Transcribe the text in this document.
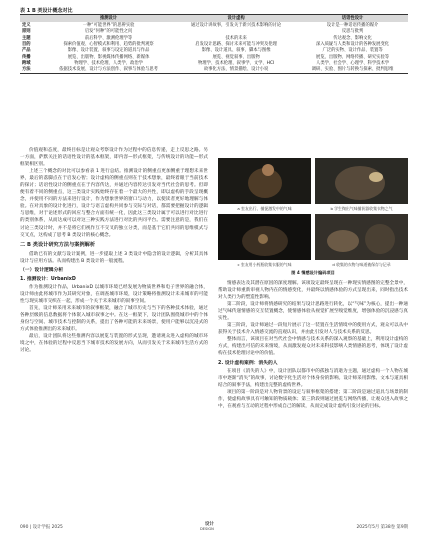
表 1 B 类设计概念对比
	推测设计	设计虚构	话语性设计
定义	一种“可能世界”的思辨实验	通过设计讲故事，引发关于新兴技术影响的讨论	设计是一种话语传播的媒介
原则	启发“何种”的可能性之问		反思与批判
主题	前后科学、激测伦理学等	技术的未来	传达观念、影响文化
目的	探索价值观、心智模式和利用、趋势的批判观察	启发设计思路、探讨未来可能与冲突及伦理	深入质疑与人类和设计的各种发展变化
产品	影像、设计装置、叙事与设定的道具与作品	影像、设计道具、叙事、脚本与图像	广泛的实物、设计作品、装置等
传播	展览、出版物、影视媒体传播网络、新媒体	展览、视觉叙事、出版物	展览、出版物、网络传播、研究实验等
跨域	物理学、技术伦理、人类学、政治学	物理学、技术伦理、叙事学、文学、HCI	人类学、社会学、心理学、科学技术学
方法	依据技术发展、设计与方法创作、叙事与体验与思考	故事化方法、情景描绘、设计小说	调研、实验、图片与转换与探索、批判思维

价值观和态度，最终目标是让观众考察设计作为过程中的信息传递，走上反思之路。另一方面，萨默关注的话语性设计的基本框架，即内容—形式框架，与传统设计的功能—形式框架相区别。

上述三个概念的对比可以参看表 1 进行总结。推测设计的侧重点更加侧重于理想未来世界，最后的落脚点在于启发心智；设计虚构的侧重点则在于技术想象，最终着眼于当前技术的探讨；话语性设计的侧重点在于内容传达，并通过内容传达引发对当代社会的思考。但即便有着不同的侧重点，这三类设计实践始终存在着一个最大的共性，即以虚构的手段呈现概念，并使用不同的方法来进行设计，作为想象世界的窗口与动力，以使读者更好地理解与体验。在对具象的设计化进行，设计与语言虚构共同参与交际与对话，都需要把握设计的逻辑与思维，对于论述形式的回应与整合方面有统一化，因此这三类设计属于可以进行对比进行的类别体系，从而达成可以对这三种实践方法进行对比的共同平台。需要注意的是，我们在讨论三类设计时，并不是将它们视作互不交叉的独立分类，而是基于它们共同的思维模式与交叉点，这构成了思考 B 类设计的核心概念。

二 B 类设计研究方法与案例解析

借助已有的文献与设计案例，进一步提取上述 3 类设计中隐含的设计逻辑，分析其具体设计与应用方法。从而构建出 B 类设计的一般流程。

（一）设计逻辑分析
1. 推测设计：UrbanixD

作为推测设计作品，UrbanixD 以城市环境已经发展为物质世界和电子世界的融合体，设计师由此将城市作为其研究对象，在调查城市环境，设计策略将推测设计未来城市的可能性与现实城市交织在一起，形成一个关于未来城市的叙事空间。

首先，设计师采用未来城市的叙事框架，融合了城市历史与当下的各种技术体验，通过各种层级的信息数据将个体嵌入城市叙事之中。在这一框架下，设计团队围绕城市中的个体身份与空间、城市技术与控制的关系，提出了各种可能的未来场景，使用户能够以沉浸式的方式体验推测出的未来城市。

最后，设计团队将这些推测内容以展览与装置的形式呈现，邀请观众进入虚构的城市环境之中，在体验的过程中反思当下城市技术的发展方向，从而引发关于未来城市生活方式的讨论。

a 室友出行、捕捉激发中的气味	b 学生掏出气味捕获器收集衣物之气
c 室友用小药瓶收集衣服的气味	d 收集的衣物与味道被保存与记录
图 4 情感设计编码项目

情感表达及其潜在原因的深度理解。该项设定最终呈现在一种现实情感图的完整全景中，帮助设计师重新审视人物内在的情感变化，并最终以情感体验的方式呈现出来，同时指出技术对人类行为的塑造性影响。

第二阶段，设计师将情感研究的结果与设计思路进行转化，以“气味”为核心，提出一种通过气味传递情感的交互装置概念，使情感体验从视觉扩展至嗅觉维度，增强体验的沉浸感与真实性。

第三阶段，设计师通过一段短片展示了这一装置在生活情境中的使用方式，观众可以从中获得关于技术介入情感交流的直观认识，并由此引发对人与技术关系的反思。

整体而言，该项目在对当代社会中情感与技术关系的深入观察的基础上，利用设计虚构的方式，构建出可信的未来情境，从而激发观众对未来科技影响人类情感的思考，体现了设计虚构在技术伦理讨论中的价值。

2. 设计虚构案例：消失的人

在项目《消失的人》中，设计团队以都市中的孤独与消逝为主题，通过虚构一个人物在城市中逐渐“消失”的故事，讨论数字化生活对个体身份的影响。设计师采用影像、文本与道具相结合的叙事手法，构建出完整的虚构世界。

项目的第一阶段是对人物背景的设定与叙事框架的搭建；第二阶段是通过道具与场景的制作，使虚构故事具有可触知的物质载体；第三阶段则通过展览与网络传播，让观众进入故事之中，在观看与互动的过程中形成自己的解读，从而完成设计虚构引发讨论的目标。

090 | 设计学报 2025
设计
DESIGN	2025年5月 第38卷 第9期
